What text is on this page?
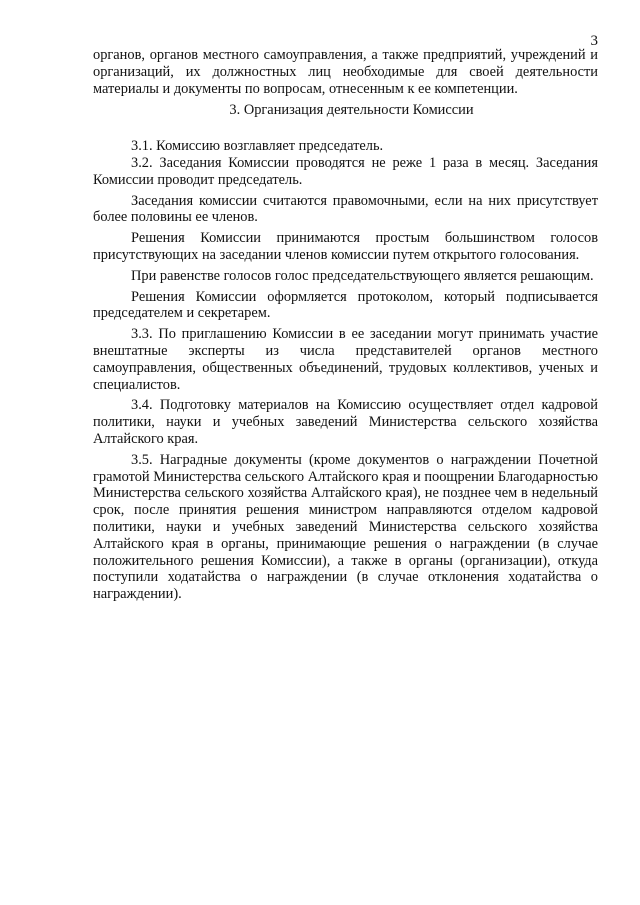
3

органов, органов местного самоуправления, а также предприятий, учреждений и организаций, их должностных лиц необходимые для своей деятельности материалы и документы по вопросам, отнесенным к ее компетенции.

3. Организация деятельности Комиссии

3.1. Комиссию возглавляет председатель.

3.2. Заседания Комиссии проводятся не реже 1 раза в месяц. Заседания Комиссии проводит председатель.

Заседания комиссии считаются правомочными, если на них присутствует более половины ее членов.

Решения Комиссии принимаются простым большинством голосов присутствующих на заседании членов комиссии путем открытого голосования.

При равенстве голосов голос председательствующего является решающим.

Решения Комиссии оформляется протоколом, который подписывается председателем и секретарем.

3.3. По приглашению Комиссии в ее заседании могут принимать участие внештатные эксперты из числа представителей органов местного самоуправления, общественных объединений, трудовых коллективов, ученых и специалистов.

3.4. Подготовку материалов на Комиссию осуществляет отдел кадровой политики, науки и учебных заведений Министерства сельского хозяйства Алтайского края.

3.5. Наградные документы (кроме документов о награждении Почетной грамотой Министерства сельского Алтайского края и поощрении Благодарностью Министерства сельского хозяйства Алтайского края), не позднее чем в недельный срок, после принятия решения министром направляются отделом кадровой политики, науки и учебных заведений Министерства сельского хозяйства Алтайского края в органы, принимающие решения о награждении (в случае положительного решения Комиссии), а также в органы (организации), откуда поступили ходатайства о награждении (в случае отклонения ходатайства о награждении).
